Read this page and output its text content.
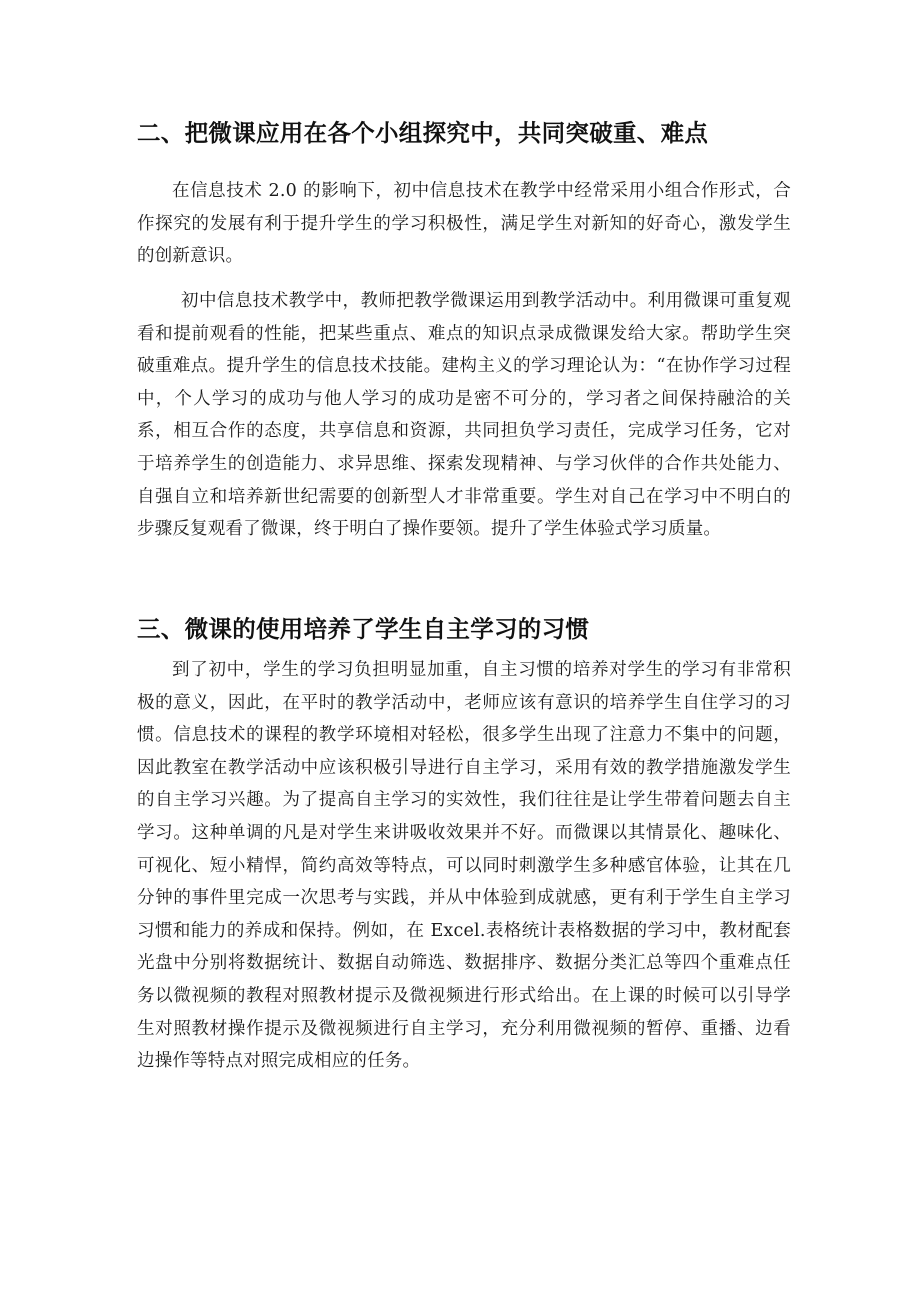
二、把微课应用在各个小组探究中，共同突破重、难点

在信息技术 2.0 的影响下，初中信息技术在教学中经常采用小组合作形式，合作探究的发展有利于提升学生的学习积极性，满足学生对新知的好奇心，激发学生的创新意识。

初中信息技术教学中，教师把教学微课运用到教学活动中。利用微课可重复观看和提前观看的性能，把某些重点、难点的知识点录成微课发给大家。帮助学生突破重难点。提升学生的信息技术技能。建构主义的学习理论认为：“在协作学习过程中，个人学习的成功与他人学习的成功是密不可分的，学习者之间保持融洽的关系，相互合作的态度，共享信息和资源，共同担负学习责任，完成学习任务，它对于培养学生的创造能力、求异思维、探索发现精神、与学习伙伴的合作共处能力、自强自立和培养新世纪需要的创新型人才非常重要。学生对自己在学习中不明白的步骤反复观看了微课，终于明白了操作要领。提升了学生体验式学习质量。

三、微课的使用培养了学生自主学习的习惯

到了初中，学生的学习负担明显加重，自主习惯的培养对学生的学习有非常积极的意义，因此，在平时的教学活动中，老师应该有意识的培养学生自住学习的习惯。信息技术的课程的教学环境相对轻松，很多学生出现了注意力不集中的问题，因此教室在教学活动中应该积极引导进行自主学习，采用有效的教学措施激发学生的自主学习兴趣。为了提高自主学习的实效性，我们往往是让学生带着问题去自主学习。这种单调的凡是对学生来讲吸收效果并不好。而微课以其情景化、趣味化、可视化、短小精悍，简约高效等特点，可以同时刺激学生多种感官体验，让其在几分钟的事件里完成一次思考与实践，并从中体验到成就感，更有利于学生自主学习习惯和能力的养成和保持。例如，在 Excel.表格统计表格数据的学习中，教材配套光盘中分别将数据统计、数据自动筛选、数据排序、数据分类汇总等四个重难点任务以微视频的教程对照教材提示及微视频进行形式给出。在上课的时候可以引导学生对照教材操作提示及微视频进行自主学习，充分利用微视频的暂停、重播、边看边操作等特点对照完成相应的任务。
